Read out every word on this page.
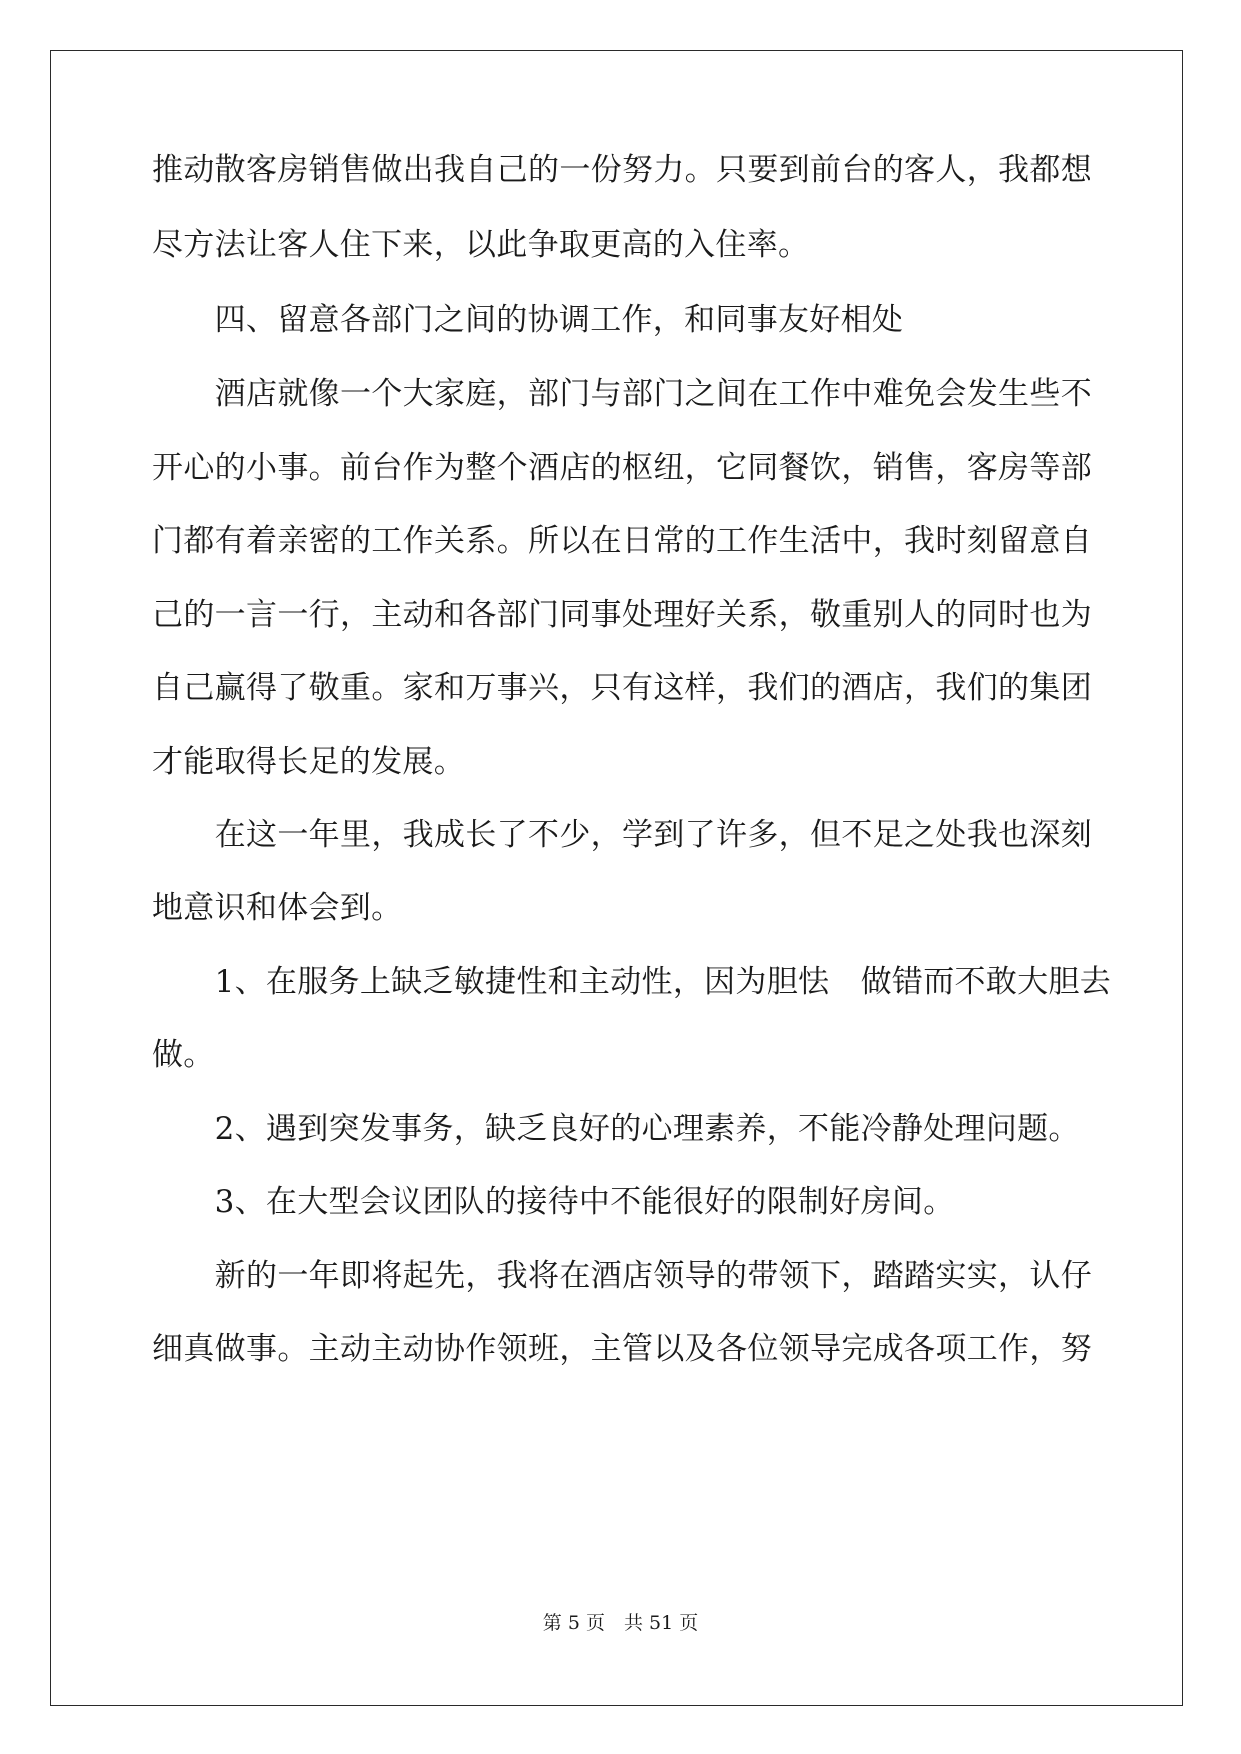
推动散客房销售做出我自己的一份努力。只要到前台的客人，我都想
尽方法让客人住下来，以此争取更高的入住率。
　　四、留意各部门之间的协调工作，和同事友好相处
　　酒店就像一个大家庭，部门与部门之间在工作中难免会发生些不
开心的小事。前台作为整个酒店的枢纽，它同餐饮，销售，客房等部
门都有着亲密的工作关系。所以在日常的工作生活中，我时刻留意自
己的一言一行，主动和各部门同事处理好关系，敬重别人的同时也为
自己赢得了敬重。家和万事兴，只有这样，我们的酒店，我们的集团
才能取得长足的发展。
　　在这一年里，我成长了不少，学到了许多，但不足之处我也深刻
地意识和体会到。
　　1、在服务上缺乏敏捷性和主动性，因为胆怯　做错而不敢大胆去
做。
　　2、遇到突发事务，缺乏良好的心理素养，不能冷静处理问题。
　　3、在大型会议团队的接待中不能很好的限制好房间。
　　新的一年即将起先，我将在酒店领导的带领下，踏踏实实，认仔
细真做事。主动主动协作领班，主管以及各位领导完成各项工作，努
第 5 页　共 51 页
